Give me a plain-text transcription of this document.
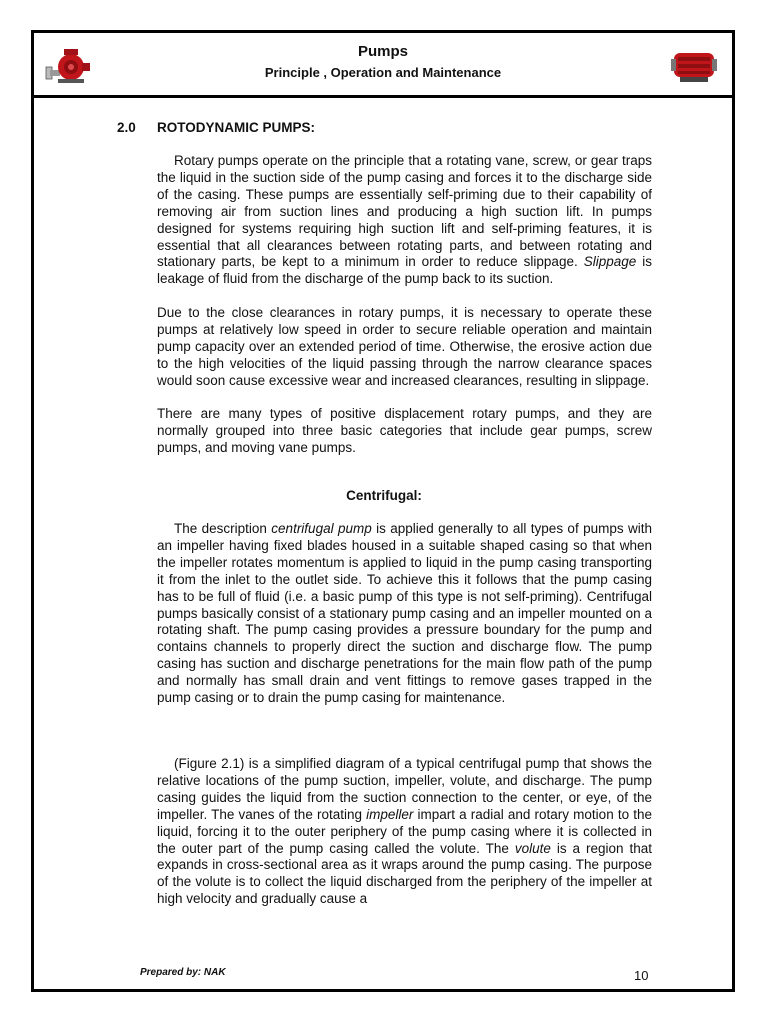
Pumps
Principle , Operation and Maintenance
2.0 ROTODYNAMIC PUMPS:

Rotary pumps operate on the principle that a rotating vane, screw, or gear traps the liquid in the suction side of the pump casing and forces it to the discharge side of the casing. These pumps are essentially self-priming due to their capability of removing air from suction lines and producing a high suction lift. In pumps designed for systems requiring high suction lift and self-priming features, it is essential that all clearances between rotating parts, and between rotating and stationary parts, be kept to a minimum in order to reduce slippage. Slippage is leakage of fluid from the discharge of the pump back to its suction.

Due to the close clearances in rotary pumps, it is necessary to operate these pumps at relatively low speed in order to secure reliable operation and maintain pump capacity over an extended period of time. Otherwise, the erosive action due to the high velocities of the liquid passing through the narrow clearance spaces would soon cause excessive wear and increased clearances, resulting in slippage.

There are many types of positive displacement rotary pumps, and they are normally grouped into three basic categories that include gear pumps, screw pumps, and moving vane pumps.

Centrifugal:

The description centrifugal pump is applied generally to all types of pumps with an impeller having fixed blades housed in a suitable shaped casing so that when the impeller rotates momentum is applied to liquid in the pump casing transporting it from the inlet to the outlet side. To achieve this it follows that the pump casing has to be full of fluid (i.e. a basic pump of this type is not self-priming). Centrifugal pumps basically consist of a stationary pump casing and an impeller mounted on a rotating shaft. The pump casing provides a pressure boundary for the pump and contains channels to properly direct the suction and discharge flow. The pump casing has suction and discharge penetrations for the main flow path of the pump and normally has small drain and vent fittings to remove gases trapped in the pump casing or to drain the pump casing for maintenance.

(Figure 2.1) is a simplified diagram of a typical centrifugal pump that shows the relative locations of the pump suction, impeller, volute, and discharge. The pump casing guides the liquid from the suction connection to the center, or eye, of the impeller. The vanes of the rotating impeller impart a radial and rotary motion to the liquid, forcing it to the outer periphery of the pump casing where it is collected in the outer part of the pump casing called the volute. The volute is a region that expands in cross-sectional area as it wraps around the pump casing. The purpose of the volute is to collect the liquid discharged from the periphery of the impeller at high velocity and gradually cause a

Prepared by: NAK	10
